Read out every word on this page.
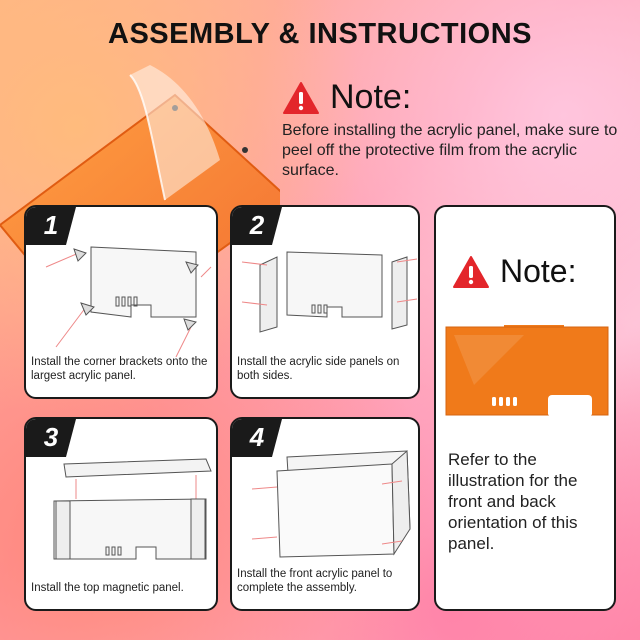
ASSEMBLY & INSTRUCTIONS
Note:
Before installing the acrylic panel, make sure to peel off the protective film from the acrylic surface.
1
Install the corner brackets onto the largest acrylic panel.
2
Install the acrylic side panels on both sides.
3
Install the top magnetic panel.
4
Install the front acrylic panel to complete the assembly.
Note:
Refer to the illustration for the front and back orientation of this panel.
